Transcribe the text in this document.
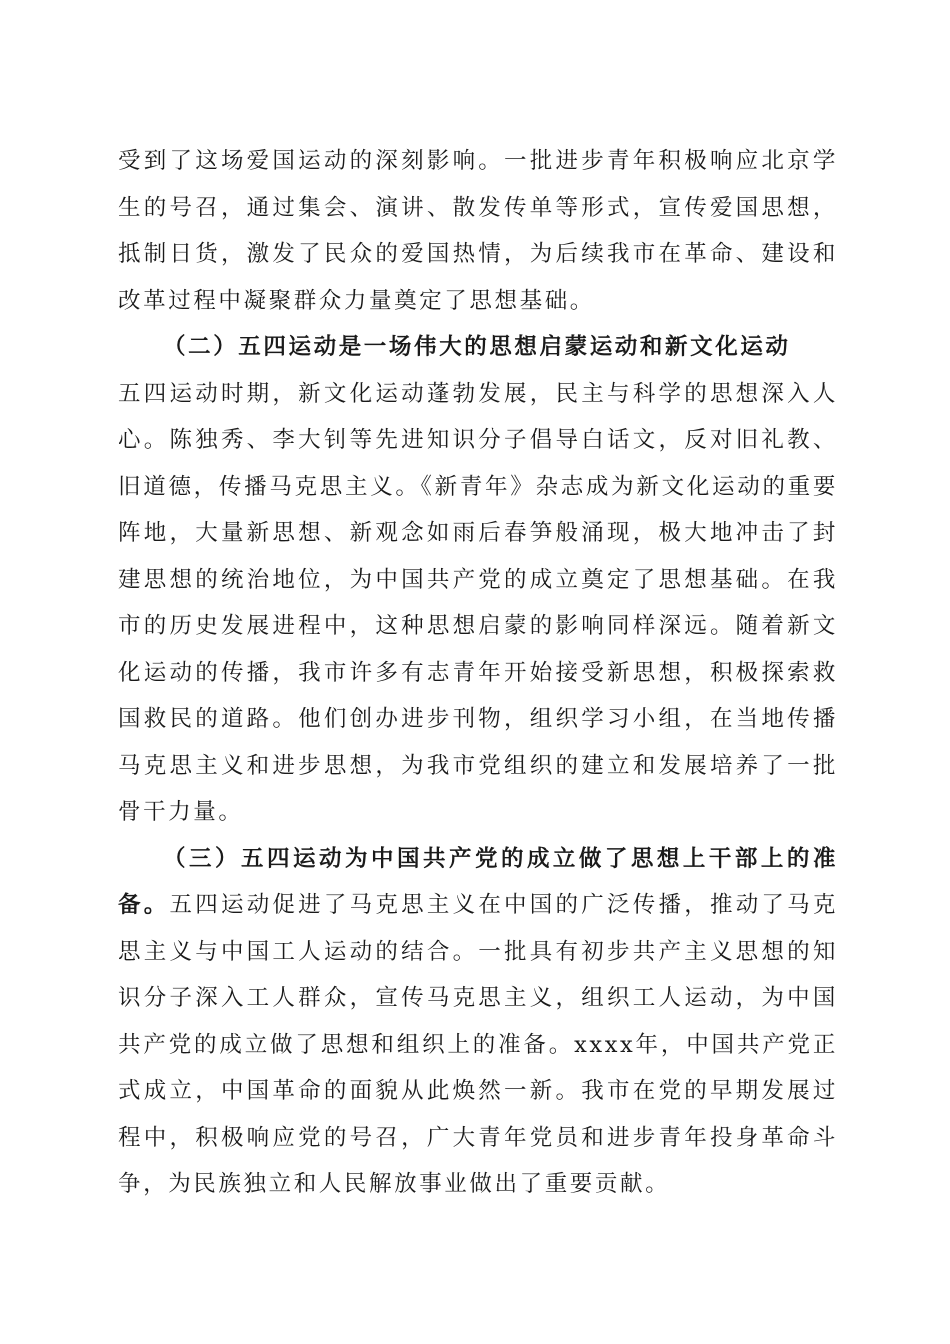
受到了这场爱国运动的深刻影响。一批进步青年积极响应北京学生的号召，通过集会、演讲、散发传单等形式，宣传爱国思想，抵制日货，激发了民众的爱国热情，为后续我市在革命、建设和改革过程中凝聚群众力量奠定了思想基础。

（二）五四运动是一场伟大的思想启蒙运动和新文化运动

五四运动时期，新文化运动蓬勃发展，民主与科学的思想深入人心。陈独秀、李大钊等先进知识分子倡导白话文，反对旧礼教、旧道德，传播马克思主义。《新青年》杂志成为新文化运动的重要阵地，大量新思想、新观念如雨后春笋般涌现，极大地冲击了封建思想的统治地位，为中国共产党的成立奠定了思想基础。在我市的历史发展进程中，这种思想启蒙的影响同样深远。随着新文化运动的传播，我市许多有志青年开始接受新思想，积极探索救国救民的道路。他们创办进步刊物，组织学习小组，在当地传播马克思主义和进步思想，为我市党组织的建立和发展培养了一批骨干力量。

（三）五四运动为中国共产党的成立做了思想上干部上的准备。五四运动促进了马克思主义在中国的广泛传播，推动了马克思主义与中国工人运动的结合。一批具有初步共产主义思想的知识分子深入工人群众，宣传马克思主义，组织工人运动，为中国共产党的成立做了思想和组织上的准备。xxxx年，中国共产党正式成立，中国革命的面貌从此焕然一新。我市在党的早期发展过程中，积极响应党的号召，广大青年党员和进步青年投身革命斗争，为民族独立和人民解放事业做出了重要贡献。
